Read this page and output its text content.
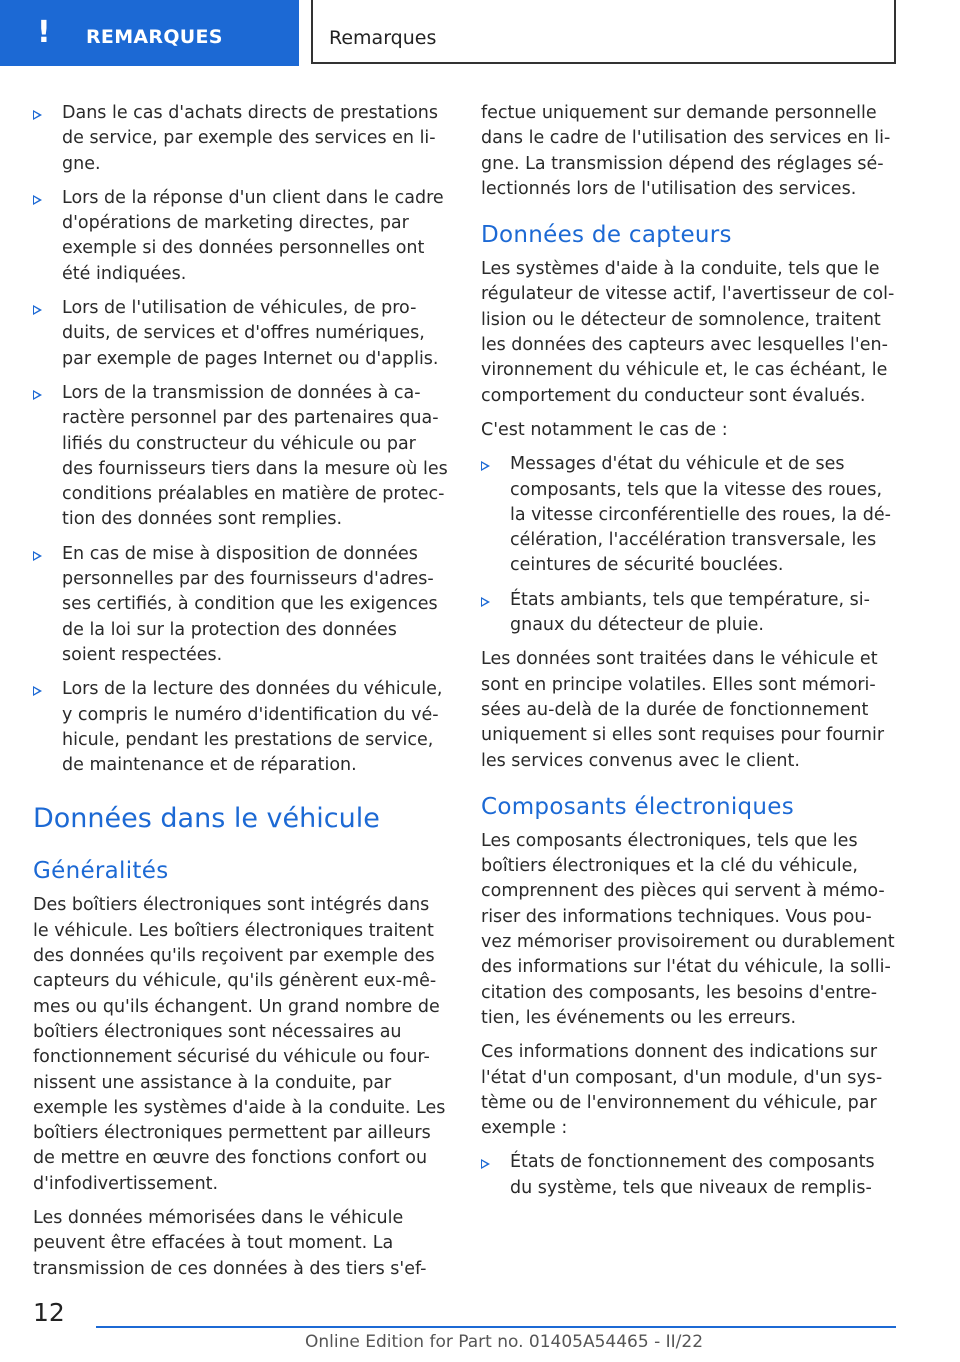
! REMARQUES	Remarques
Dans le cas d'achats directs de prestations de service, par exemple des services en li-gne.
Lors de la réponse d'un client dans le cadre d'opérations de marketing directes, par exemple si des données personnelles ont été indiquées.
Lors de l'utilisation de véhicules, de pro-duits, de services et d'offres numériques, par exemple de pages Internet ou d'applis.
Lors de la transmission de données à ca-ractère personnel par des partenaires qua-lifiés du constructeur du véhicule ou par des fournisseurs tiers dans la mesure où les conditions préalables en matière de protec-tion des données sont remplies.
En cas de mise à disposition de données personnelles par des fournisseurs d'adres-ses certifiés, à condition que les exigences de la loi sur la protection des données soient respectées.
Lors de la lecture des données du véhicule, y compris le numéro d'identification du vé-hicule, pendant les prestations de service, de maintenance et de réparation.
Données dans le véhicule
Généralités

Des boîtiers électroniques sont intégrés dans le véhicule. Les boîtiers électroniques traitent des données qu'ils reçoivent par exemple des capteurs du véhicule, qu'ils génèrent eux-mê-mes ou qu'ils échangent. Un grand nombre de boîtiers électroniques sont nécessaires au fonctionnement sécurisé du véhicule ou four-nissent une assistance à la conduite, par exemple les systèmes d'aide à la conduite. Les boîtiers électroniques permettent par ailleurs de mettre en œuvre des fonctions confort ou d'infodivertissement.

Les données mémorisées dans le véhicule peuvent être effacées à tout moment. La transmission de ces données à des tiers s'ef-

fectue uniquement sur demande personnelle dans le cadre de l'utilisation des services en li-gne. La transmission dépend des réglages sé-lectionnés lors de l'utilisation des services.

Données de capteurs

Les systèmes d'aide à la conduite, tels que le régulateur de vitesse actif, l'avertisseur de col-lision ou le détecteur de somnolence, traitent les données des capteurs avec lesquelles l'en-vironnement du véhicule et, le cas échéant, le comportement du conducteur sont évalués.

C'est notamment le cas de :

Messages d'état du véhicule et de ses composants, tels que la vitesse des roues, la vitesse circonférentielle des roues, la dé-célération, l'accélération transversale, les ceintures de sécurité bouclées.
États ambiants, tels que température, si-gnaux du détecteur de pluie.

Les données sont traitées dans le véhicule et sont en principe volatiles. Elles sont mémori-sées au-delà de la durée de fonctionnement uniquement si elles sont requises pour fournir les services convenus avec le client.

Composants électroniques

Les composants électroniques, tels que les boîtiers électroniques et la clé du véhicule, comprennent des pièces qui servent à mémo-riser des informations techniques. Vous pou-vez mémoriser provisoirement ou durablement des informations sur l'état du véhicule, la solli-citation des composants, les besoins d'entre-tien, les événements ou les erreurs.

Ces informations donnent des indications sur l'état d'un composant, d'un module, d'un sys-tème ou de l'environnement du véhicule, par exemple :

États de fonctionnement des composants du système, tels que niveaux de remplis-
12
Online Edition for Part no. 01405A54465 - II/22
